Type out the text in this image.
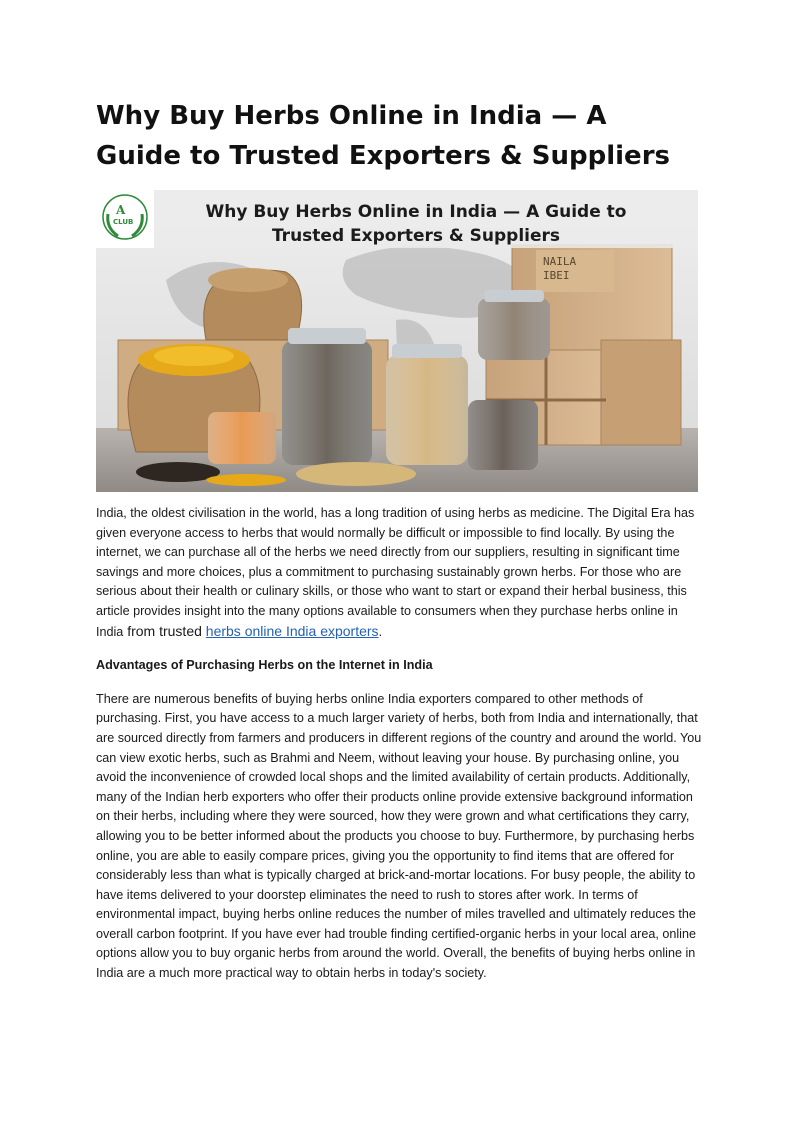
Why Buy Herbs Online in India — A Guide to Trusted Exporters & Suppliers
NAILA
IBEI
Why Buy Herbs Online in India — A Guide to
Trusted Exporters & Suppliers
A
CLUB

India, the oldest civilisation in the world, has a long tradition of using herbs as medicine. The Digital Era has given everyone access to herbs that would normally be difficult or impossible to find locally. By using the internet, we can purchase all of the herbs we need directly from our suppliers, resulting in significant time savings and more choices, plus a commitment to purchasing sustainably grown herbs. For those who are serious about their health or culinary skills, or those who want to start or expand their herbal business, this article provides insight into the many options available to consumers when they purchase herbs online in India from trusted herbs online India exporters.

Advantages of Purchasing Herbs on the Internet in India

There are numerous benefits of buying herbs online India exporters compared to other methods of purchasing. First, you have access to a much larger variety of herbs, both from India and internationally, that are sourced directly from farmers and producers in different regions of the country and around the world. You can view exotic herbs, such as Brahmi and Neem, without leaving your house. By purchasing online, you avoid the inconvenience of crowded local shops and the limited availability of certain products. Additionally, many of the Indian herb exporters who offer their products online provide extensive background information on their herbs, including where they were sourced, how they were grown and what certifications they carry, allowing you to be better informed about the products you choose to buy. Furthermore, by purchasing herbs online, you are able to easily compare prices, giving you the opportunity to find items that are offered for considerably less than what is typically charged at brick-and-mortar locations. For busy people, the ability to have items delivered to your doorstep eliminates the need to rush to stores after work. In terms of environmental impact, buying herbs online reduces the number of miles travelled and ultimately reduces the overall carbon footprint. If you have ever had trouble finding certified-organic herbs in your local area, online options allow you to buy organic herbs from around the world. Overall, the benefits of buying herbs online in India are a much more practical way to obtain herbs in today's society.
